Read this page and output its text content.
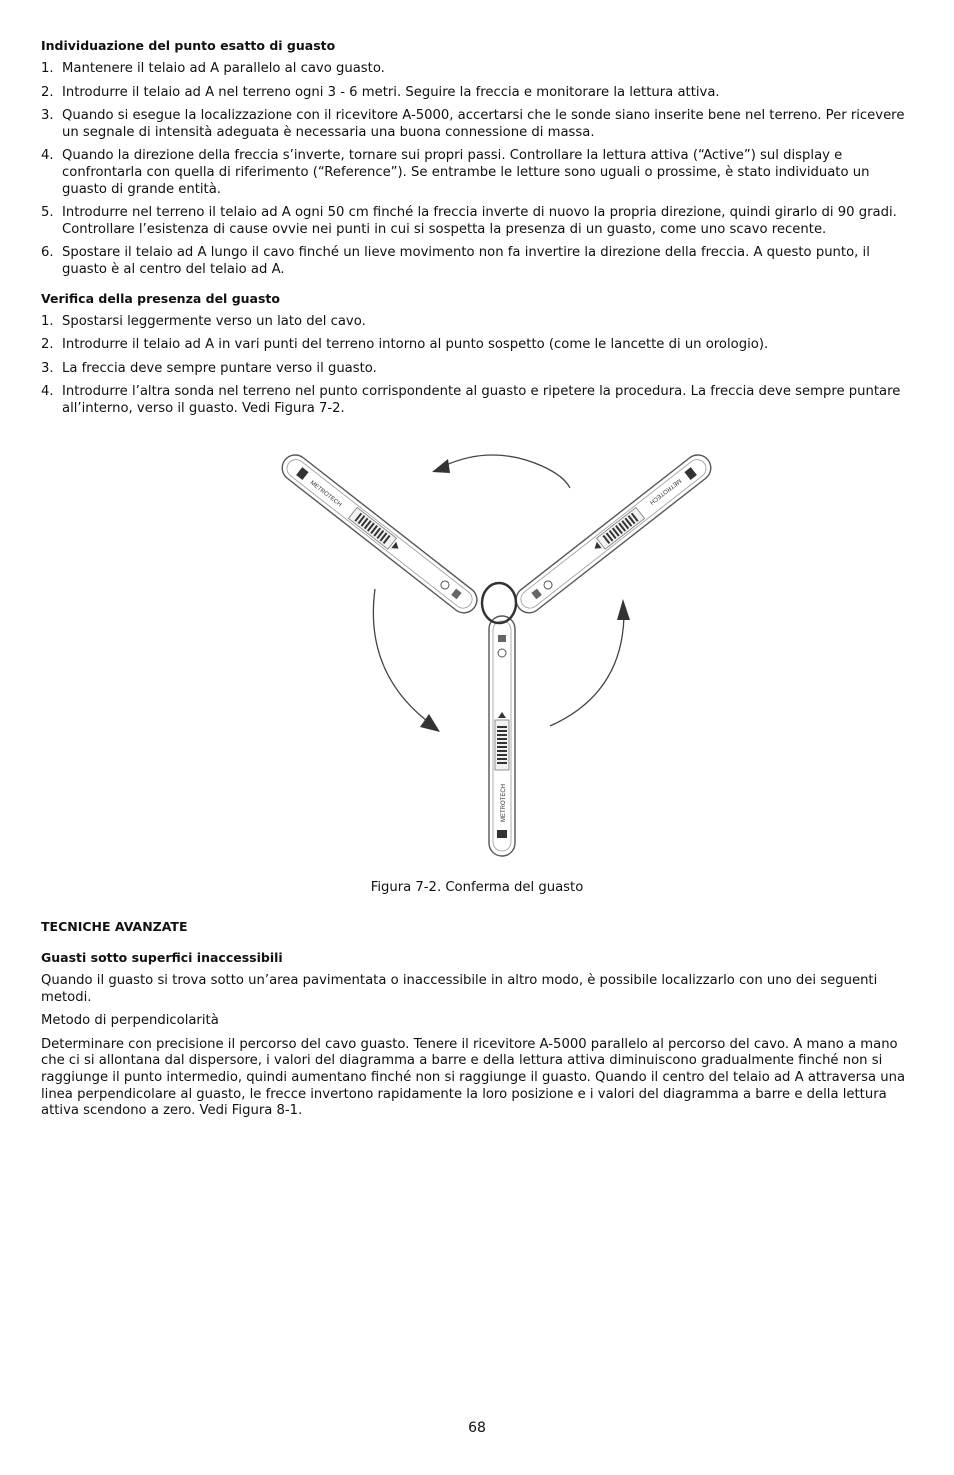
Individuazione del punto esatto di guasto
1. Mantenere il telaio ad A parallelo al cavo guasto.
2. Introdurre il telaio ad A nel terreno ogni 3 - 6 metri. Seguire la freccia e monitorare la lettura attiva.
3. Quando si esegue la localizzazione con il ricevitore A-5000, accertarsi che le sonde siano inserite bene nel terreno. Per ricevere un segnale di intensità adeguata è necessaria una buona connessione di massa.
4. Quando la direzione della freccia s’inverte, tornare sui propri passi. Controllare la lettura attiva (“Active”) sul display e confrontarla con quella di riferimento (“Reference”). Se entrambe le letture sono uguali o prossime, è stato individuato un guasto di grande entità.
5. Introdurre nel terreno il telaio ad A ogni 50 cm finché la freccia inverte di nuovo la propria direzione, quindi girarlo di 90 gradi. Controllare l’esistenza di cause ovvie nei punti in cui si sospetta la presenza di un guasto, come uno scavo recente.
6. Spostare il telaio ad A lungo il cavo finché un lieve movimento non fa invertire la direzione della freccia. A questo punto, il guasto è al centro del telaio ad A.
Verifica della presenza del guasto
1. Spostarsi leggermente verso un lato del cavo.
2. Introdurre il telaio ad A in vari punti del terreno intorno al punto sospetto (come le lancette di un orologio).
3. La freccia deve sempre puntare verso il guasto.
4. Introdurre l’altra sonda nel terreno nel punto corrispondente al guasto e ripetere la procedura. La freccia deve sempre puntare all’interno, verso il guasto. Vedi Figura 7-2.
METROTECH	METROTECH
METROTECH
Figura 7-2. Conferma del guasto
TECNICHE AVANZATE
Guasti sotto superfici inaccessibili

Quando il guasto si trova sotto un’area pavimentata o inaccessibile in altro modo, è possibile localizzarlo con uno dei seguenti metodi.

Metodo di perpendicolarità

Determinare con precisione il percorso del cavo guasto. Tenere il ricevitore A-5000 parallelo al percorso del cavo. A mano a mano che ci si allontana dal dispersore, i valori del diagramma a barre e della lettura attiva diminuiscono gradualmente finché non si raggiunge il punto intermedio, quindi aumentano finché non si raggiunge il guasto. Quando il centro del telaio ad A attraversa una linea perpendicolare al guasto, le frecce invertono rapidamente la loro posizione e i valori del diagramma a barre e della lettura attiva scendono a zero. Vedi Figura 8-1.

68
